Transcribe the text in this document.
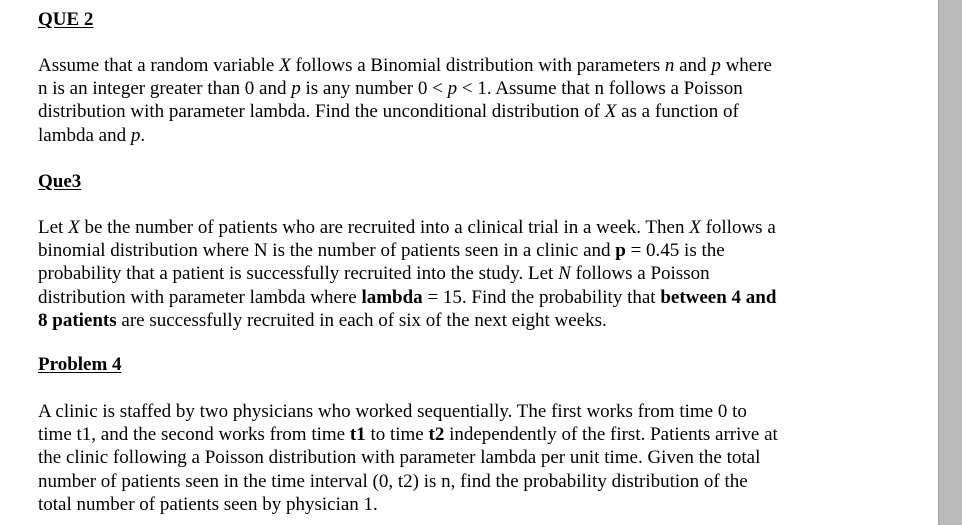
QUE 2
Assume that a random variable X follows a Binomial distribution with parameters n and p where
n is an integer greater than 0 and p is any number 0 < p < 1. Assume that n follows a Poisson
distribution with parameter lambda. Find the unconditional distribution of X as a function of
lambda and p.
Que3
Let X be the number of patients who are recruited into a clinical trial in a week. Then X follows a
binomial distribution where N is the number of patients seen in a clinic and p = 0.45 is the
probability that a patient is successfully recruited into the study. Let N follows a Poisson
distribution with parameter lambda where lambda = 15. Find the probability that between 4 and
8 patients are successfully recruited in each of six of the next eight weeks.
Problem 4
A clinic is staffed by two physicians who worked sequentially. The first works from time 0 to
time t1, and the second works from time t1 to time t2 independently of the first. Patients arrive at
the clinic following a Poisson distribution with parameter lambda per unit time. Given the total
number of patients seen in the time interval (0, t2) is n, find the probability distribution of the
total number of patients seen by physician 1.
